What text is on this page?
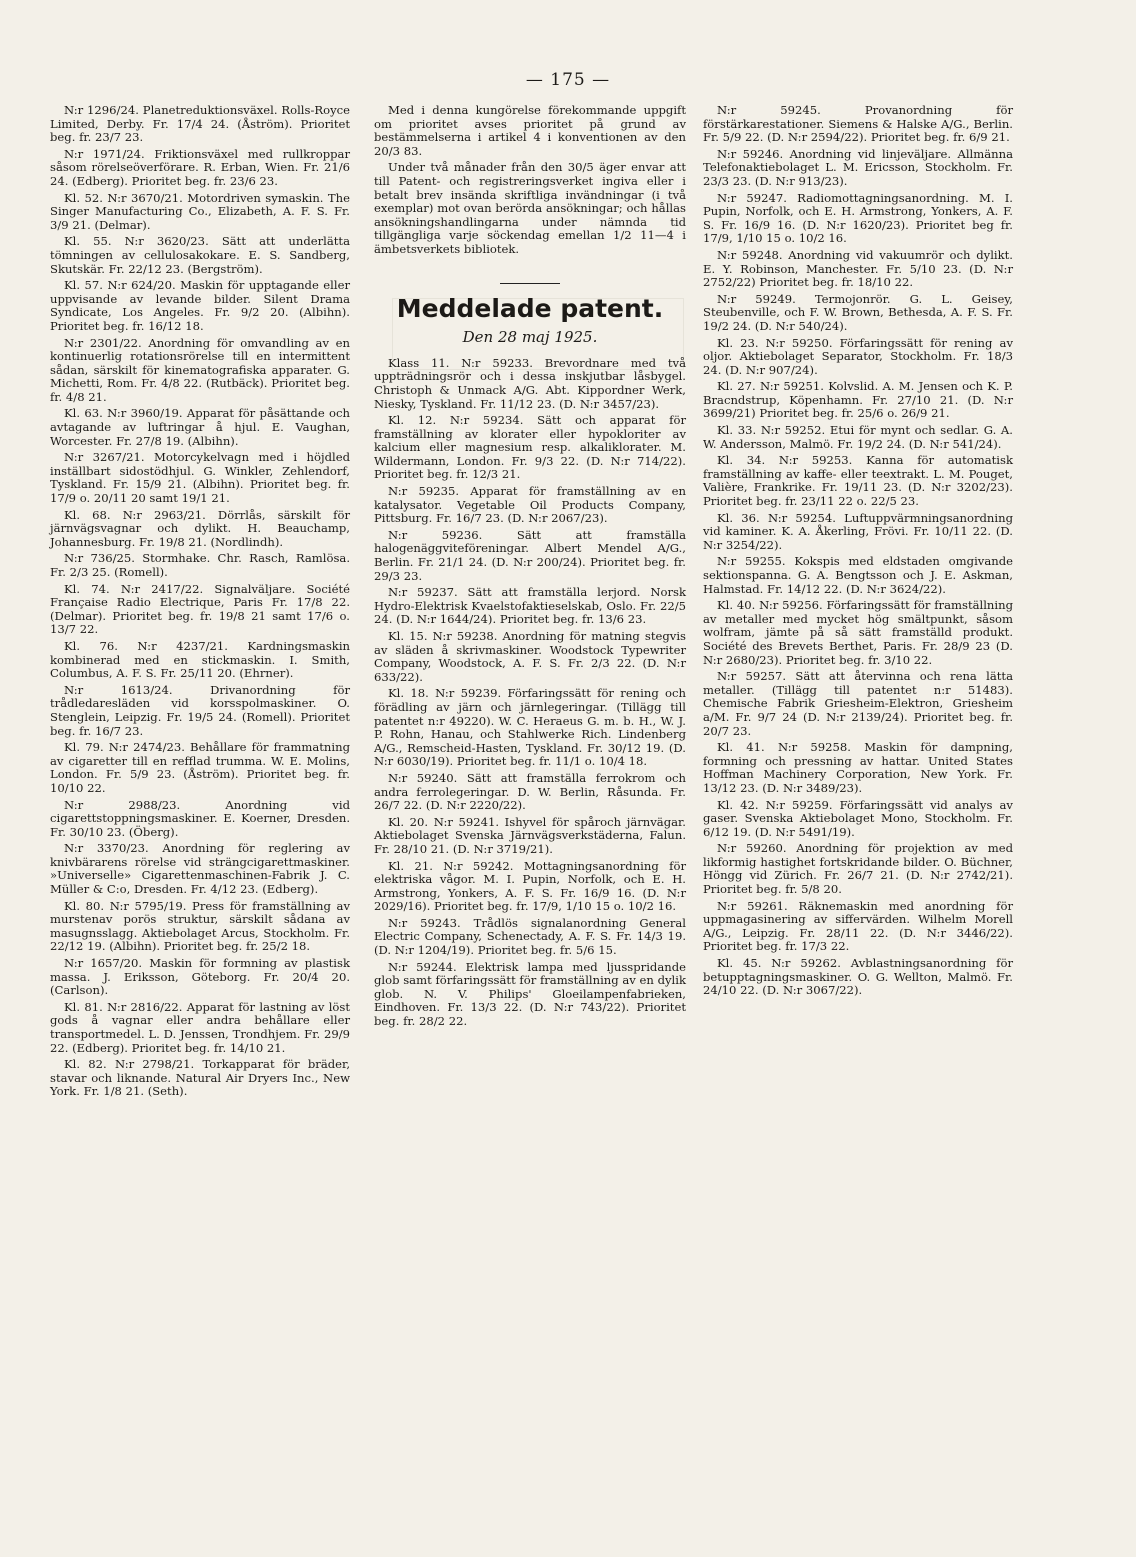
— 175 —

N:r 1296/24. Planetreduktionsväxel. Rolls-Royce Limited, Derby. Fr. 17/4 24. (Åström). Prioritet beg. fr. 23/7 23.

N:r 1971/24. Friktionsväxel med rullkroppar såsom rörelseöverförare. R. Erban, Wien. Fr. 21/6 24. (Edberg). Prioritet beg. fr. 23/6 23.

Kl. 52. N:r 3670/21. Motordriven symaskin. The Singer Manufacturing Co., Elizabeth, A. F. S. Fr. 3/9 21. (Delmar).

Kl. 55. N:r 3620/23. Sätt att underlätta tömningen av cellulosakokare. E. S. Sandberg, Skutskär. Fr. 22/12 23. (Bergström).

Kl. 57. N:r 624/20. Maskin för upptagande eller uppvisande av levande bilder. Silent Drama Syndicate, Los Angeles. Fr. 9/2 20. (Albihn). Prioritet beg. fr. 16/12 18.

N:r 2301/22. Anordning för omvandling av en kontinuerlig rotationsrörelse till en intermittent sådan, särskilt för kinematografiska apparater. G. Michetti, Rom. Fr. 4/8 22. (Rutbäck). Prioritet beg. fr. 4/8 21.

Kl. 63. N:r 3960/19. Apparat för påsättande och avtagande av luftringar å hjul. E. Vaughan, Worcester. Fr. 27/8 19. (Albihn).

N:r 3267/21. Motorcykelvagn med i höjdled inställbart sidostödhjul. G. Winkler, Zehlendorf, Tyskland. Fr. 15/9 21. (Albihn). Prioritet beg. fr. 17/9 o. 20/11 20 samt 19/1 21.

Kl. 68. N:r 2963/21. Dörrlås, särskilt för järnvägsvagnar och dylikt. H. Beauchamp, Johannesburg. Fr. 19/8 21. (Nordlindh).

N:r 736/25. Stormhake. Chr. Rasch, Ramlösa. Fr. 2/3 25. (Romell).

Kl. 74. N:r 2417/22. Signalväljare. Société Française Radio Electrique, Paris Fr. 17/8 22. (Delmar). Prioritet beg. fr. 19/8 21 samt 17/6 o. 13/7 22.

Kl. 76. N:r 4237/21. Kardningsmaskin kombinerad med en stickmaskin. I. Smith, Columbus, A. F. S. Fr. 25/11 20. (Ehrner).

N:r 1613/24. Drivanordning för trådledaresläden vid korsspolmaskiner. O. Stenglein, Leipzig. Fr. 19/5 24. (Romell). Prioritet beg. fr. 16/7 23.

Kl. 79. N:r 2474/23. Behållare för frammatning av cigaretter till en refflad trumma. W. E. Molins, London. Fr. 5/9 23. (Åström). Prioritet beg. fr. 10/10 22.

N:r 2988/23. Anordning vid cigarettstoppningsmaskiner. E. Koerner, Dresden. Fr. 30/10 23. (Öberg).

N:r 3370/23. Anordning för reglering av knivbärarens rörelse vid strängcigarettmaskiner. »Universelle» Cigarettenmaschinen-Fabrik J. C. Müller & C:o, Dresden. Fr. 4/12 23. (Edberg).

Kl. 80. N:r 5795/19. Press för framställning av murstenav porös struktur, särskilt sådana av masugnsslagg. Aktiebolaget Arcus, Stockholm. Fr. 22/12 19. (Albihn). Prioritet beg. fr. 25/2 18.

N:r 1657/20. Maskin för formning av plastisk massa. J. Eriksson, Göteborg. Fr. 20/4 20. (Carlson).

Kl. 81. N:r 2816/22. Apparat för lastning av löst gods å vagnar eller andra behållare eller transportmedel. L. D. Jenssen, Trondhjem. Fr. 29/9 22. (Edberg). Prioritet beg. fr. 14/10 21.

Kl. 82. N:r 2798/21. Torkapparat för bräder, stavar och liknande. Natural Air Dryers Inc., New York. Fr. 1/8 21. (Seth).

Med i denna kungörelse förekommande uppgift om prioritet avses prioritet på grund av bestämmelserna i artikel 4 i konventionen av den 20/3 83.

Under två månader från den 30/5 äger envar att till Patent- och registreringsverket ingiva eller i betalt brev insända skriftliga invändningar (i två exemplar) mot ovan berörda ansökningar; och hållas ansökningshandlingarna under nämnda tid tillgängliga varje söckendag emellan 1/2 11—4 i ämbetsverkets bibliotek.

Meddelade patent.
Den 28 maj 1925.

Klass 11. N:r 59233. Brevordnare med två uppträdningsrör och i dessa inskjutbar låsbygel. Christoph & Unmack A/G. Abt. Kippordner Werk, Niesky, Tyskland. Fr. 11/12 23. (D. N:r 3457/23).

Kl. 12. N:r 59234. Sätt och apparat för framställning av klorater eller hypokloriter av kalcium eller magnesium resp. alkaliklorater. M. Wildermann, London. Fr. 9/3 22. (D. N:r 714/22). Prioritet beg. fr. 12/3 21.

N:r 59235. Apparat för framställning av en katalysator. Vegetable Oil Products Company, Pittsburg. Fr. 16/7 23. (D. N:r 2067/23).

N:r 59236. Sätt att framställa halogenäggviteföreningar. Albert Mendel A/G., Berlin. Fr. 21/1 24. (D. N:r 200/24). Prioritet beg. fr. 29/3 23.

N:r 59237. Sätt att framställa lerjord. Norsk Hydro-Elektrisk Kvaelstofaktieselskab, Oslo. Fr. 22/5 24. (D. N:r 1644/24). Prioritet beg. fr. 13/6 23.

Kl. 15. N:r 59238. Anordning för matning stegvis av släden å skrivmaskiner. Woodstock Typewriter Company, Woodstock, A. F. S. Fr. 2/3 22. (D. N:r 633/22).

Kl. 18. N:r 59239. Förfaringssätt för rening och förädling av järn och järnlegeringar. (Tillägg till patentet n:r 49220). W. C. Heraeus G. m. b. H., W. J. P. Rohn, Hanau, och Stahlwerke Rich. Lindenberg A/G., Remscheid-Hasten, Tyskland. Fr. 30/12 19. (D. N:r 6030/19). Prioritet beg. fr. 11/1 o. 10/4 18.

N:r 59240. Sätt att framställa ferrokrom och andra ferrolegeringar. D. W. Berlin, Råsunda. Fr. 26/7 22. (D. N:r 2220/22).

Kl. 20. N:r 59241. Ishyvel för spåroch järnvägar. Aktiebolaget Svenska Järnvägsverkstäderna, Falun. Fr. 28/10 21. (D. N:r 3719/21).

Kl. 21. N:r 59242. Mottagningsanordning för elektriska vågor. M. I. Pupin, Norfolk, och E. H. Armstrong, Yonkers, A. F. S. Fr. 16/9 16. (D. N:r 2029/16). Prioritet beg. fr. 17/9, 1/10 15 o. 10/2 16.

N:r 59243. Trådlös signalanordning General Electric Company, Schenectady, A. F. S. Fr. 14/3 19. (D. N:r 1204/19). Prioritet beg. fr. 5/6 15.

N:r 59244. Elektrisk lampa med ljusspridande glob samt förfaringssätt för framställning av en dylik glob. N. V. Philips' Gloeilampenfabrieken, Eindhoven. Fr. 13/3 22. (D. N:r 743/22). Prioritet beg. fr. 28/2 22.

N:r 59245. Provanordning för förstärkarestationer. Siemens & Halske A/G., Berlin. Fr. 5/9 22. (D. N:r 2594/22). Prioritet beg. fr. 6/9 21.

N:r 59246. Anordning vid linjeväljare. Allmänna Telefonaktiebolaget L. M. Ericsson, Stockholm. Fr. 23/3 23. (D. N:r 913/23).

N:r 59247. Radiomottagningsanordning. M. I. Pupin, Norfolk, och E. H. Armstrong, Yonkers, A. F. S. Fr. 16/9 16. (D. N:r 1620/23). Prioritet beg fr. 17/9, 1/10 15 o. 10/2 16.

N:r 59248. Anordning vid vakuumrör och dylikt. E. Y. Robinson, Manchester. Fr. 5/10 23. (D. N:r 2752/22) Prioritet beg. fr. 18/10 22.

N:r 59249. Termojonrör. G. L. Geisey, Steubenville, och F. W. Brown, Bethesda, A. F. S. Fr. 19/2 24. (D. N:r 540/24).

Kl. 23. N:r 59250. Förfaringssätt för rening av oljor. Aktiebolaget Separator, Stockholm. Fr. 18/3 24. (D. N:r 907/24).

Kl. 27. N:r 59251. Kolvslid. A. M. Jensen och K. P. Bracndstrup, Köpenhamn. Fr. 27/10 21. (D. N:r 3699/21) Prioritet beg. fr. 25/6 o. 26/9 21.

Kl. 33. N:r 59252. Etui för mynt och sedlar. G. A. W. Andersson, Malmö. Fr. 19/2 24. (D. N:r 541/24).

Kl. 34. N:r 59253. Kanna för automatisk framställning av kaffe- eller teextrakt. L. M. Pouget, Valière, Frankrike. Fr. 19/11 23. (D. N:r 3202/23). Prioritet beg. fr. 23/11 22 o. 22/5 23.

Kl. 36. N:r 59254. Luftuppvärmningsanordning vid kaminer. K. A. Åkerling, Frövi. Fr. 10/11 22. (D. N:r 3254/22).

N:r 59255. Kokspis med eldstaden omgivande sektionspanna. G. A. Bengtsson och J. E. Askman, Halmstad. Fr. 14/12 22. (D. N:r 3624/22).

Kl. 40. N:r 59256. Förfaringssätt för framställning av metaller med mycket hög smältpunkt, såsom wolfram, jämte på så sätt framställd produkt. Société des Brevets Berthet, Paris. Fr. 28/9 23 (D. N:r 2680/23). Prioritet beg. fr. 3/10 22.

N:r 59257. Sätt att återvinna och rena lätta metaller. (Tillägg till patentet n:r 51483). Chemische Fabrik Griesheim-Elektron, Griesheim a/M. Fr. 9/7 24 (D. N:r 2139/24). Prioritet beg. fr. 20/7 23.

Kl. 41. N:r 59258. Maskin för dampning, formning och pressning av hattar. United States Hoffman Machinery Corporation, New York. Fr. 13/12 23. (D. N:r 3489/23).

Kl. 42. N:r 59259. Förfaringssätt vid analys av gaser. Svenska Aktiebolaget Mono, Stockholm. Fr. 6/12 19. (D. N:r 5491/19).

N:r 59260. Anordning för projektion av med likformig hastighet fortskridande bilder. O. Büchner, Höngg vid Zürich. Fr. 26/7 21. (D. N:r 2742/21). Prioritet beg. fr. 5/8 20.

N:r 59261. Räknemaskin med anordning för uppmagasinering av siffervärden. Wilhelm Morell A/G., Leipzig. Fr. 28/11 22. (D. N:r 3446/22). Prioritet beg. fr. 17/3 22.

Kl. 45. N:r 59262. Avblastningsanordning för betupptagningsmaskiner. O. G. Wellton, Malmö. Fr. 24/10 22. (D. N:r 3067/22).
